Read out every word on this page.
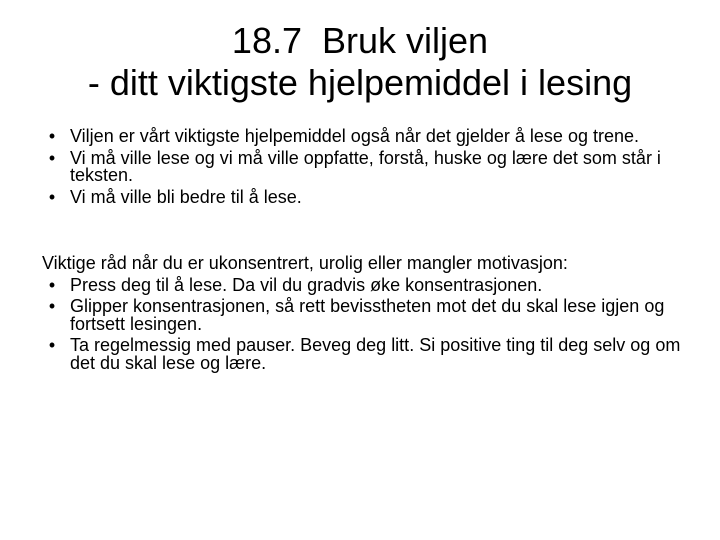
18.7  Bruk viljen
- ditt viktigste hjelpemiddel i lesing
• Viljen er vårt viktigste hjelpemiddel også når det gjelder å lese og trene.
• Vi må ville lese og vi må ville oppfatte, forstå, huske og lære det som står i teksten.
• Vi må ville bli bedre til å lese.
Viktige råd når du er ukonsentrert, urolig eller mangler motivasjon:
• Press deg til å lese. Da vil du gradvis øke konsentrasjonen.
• Glipper konsentrasjonen, så rett bevisstheten mot det du skal lese igjen og fortsett lesingen.
• Ta regelmessig med pauser. Beveg deg litt. Si positive ting til deg selv og om det du skal lese og lære.
